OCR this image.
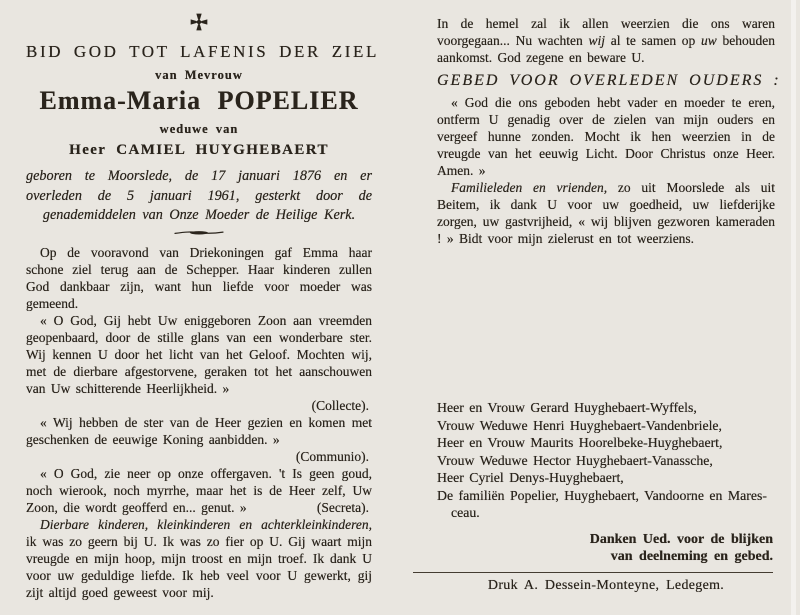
BID GOD TOT LAFENIS DER ZIEL
van Mevrouw
Emma-Maria POPELIER
weduwe van
Heer CAMIEL HUYGHEBAERT
geboren te Moorslede, de 17 januari 1876 en er overleden de 5 januari 1961, gesterkt door de genademiddelen van Onze Moeder de Heilige Kerk.

Op de vooravond van Driekoningen gaf Emma haar schone ziel terug aan de Schepper. Haar kinderen zullen God dankbaar zijn, want hun liefde voor moeder was gemeend.

« O God, Gij hebt Uw eniggeboren Zoon aan vreemden geopenbaard, door de stille glans van een wonderbare ster. Wij kennen U door het licht van het Geloof. Mochten wij, met de dierbare afgestorvene, geraken tot het aanschouwen van Uw schitterende Heerlijkheid. »

(Collecte).

« Wij hebben de ster van de Heer gezien en komen met geschenken de eeuwige Koning aanbidden. »

(Communio).

« O God, zie neer op onze offergaven. 't Is geen goud, noch wierook, noch myrrhe, maar het is de Heer zelf, Uw Zoon, die wordt geofferd en... genut. »	(Secreta).

Dierbare kinderen, kleinkinderen en achterkleinkinderen, ik was zo geern bij U. Ik was zo fier op U. Gij waart mijn vreugde en mijn hoop, mijn troost en mijn troef. Ik dank U voor uw geduldige liefde. Ik heb veel voor U gewerkt, gij zijt altijd goed geweest voor mij.

In de hemel zal ik allen weerzien die ons waren voorgegaan... Nu wachten wij al te samen op uw behouden aankomst. God zegene en beware U.

GEBED VOOR OVERLEDEN OUDERS :

« God die ons geboden hebt vader en moeder te eren, ontferm U genadig over de zielen van mijn ouders en vergeef hunne zonden. Mocht ik hen weerzien in de vreugde van het eeuwig Licht. Door Christus onze Heer. Amen. »

Familieleden en vrienden, zo uit Moorslede als uit Beitem, ik dank U voor uw goedheid, uw liefderijke zorgen, uw gastvrijheid, « wij blijven gezworen kameraden ! » Bidt voor mijn zielerust en tot weerziens.

Heer en Vrouw Gerard Huyghebaert-Wyffels,
Vrouw Weduwe Henri Huyghebaert-Vandenbriele,
Heer en Vrouw Maurits Hoorelbeke-Huyghebaert,
Vrouw Weduwe Hector Huyghebaert-Vanassche,
Heer Cyriel Denys-Huyghebaert,
De familiën Popelier, Huyghebaert, Vandoorne en Maresceau.
Danken Ued. voor de blijken
van deelneming en gebed.
Druk A. Dessein-Monteyne, Ledegem.
